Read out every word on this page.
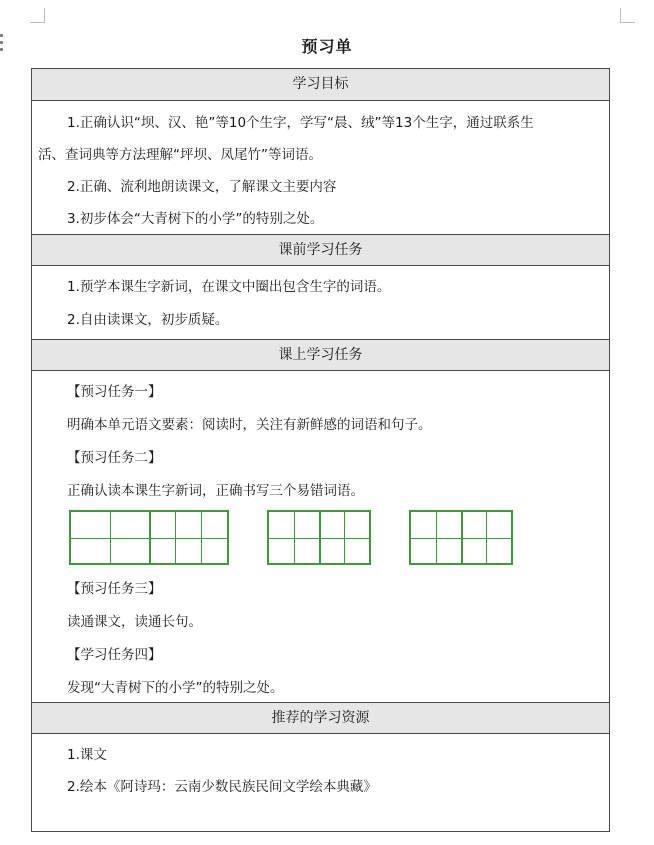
预习单
学习目标
1.正确认识“坝、汉、艳”等10个生字，学写“晨、绒”等13个生字，通过联系生
活、查词典等方法理解“坪坝、凤尾竹”等词语。
2.正确、流利地朗读课文，了解课文主要内容
3.初步体会“大青树下的小学”的特别之处。
课前学习任务
1.预学本课生字新词，在课文中圈出包含生字的词语。
2.自由读课文，初步质疑。
课上学习任务
【预习任务一】
明确本单元语文要素：阅读时，关注有新鲜感的词语和句子。
【预习任务二】
正确认读本课生字新词，正确书写三个易错词语。
【预习任务三】
读通课文，读通长句。
【学习任务四】
发现“大青树下的小学”的特别之处。
推荐的学习资源
1.课文
2.绘本《阿诗玛：云南少数民族民间文学绘本典藏》
